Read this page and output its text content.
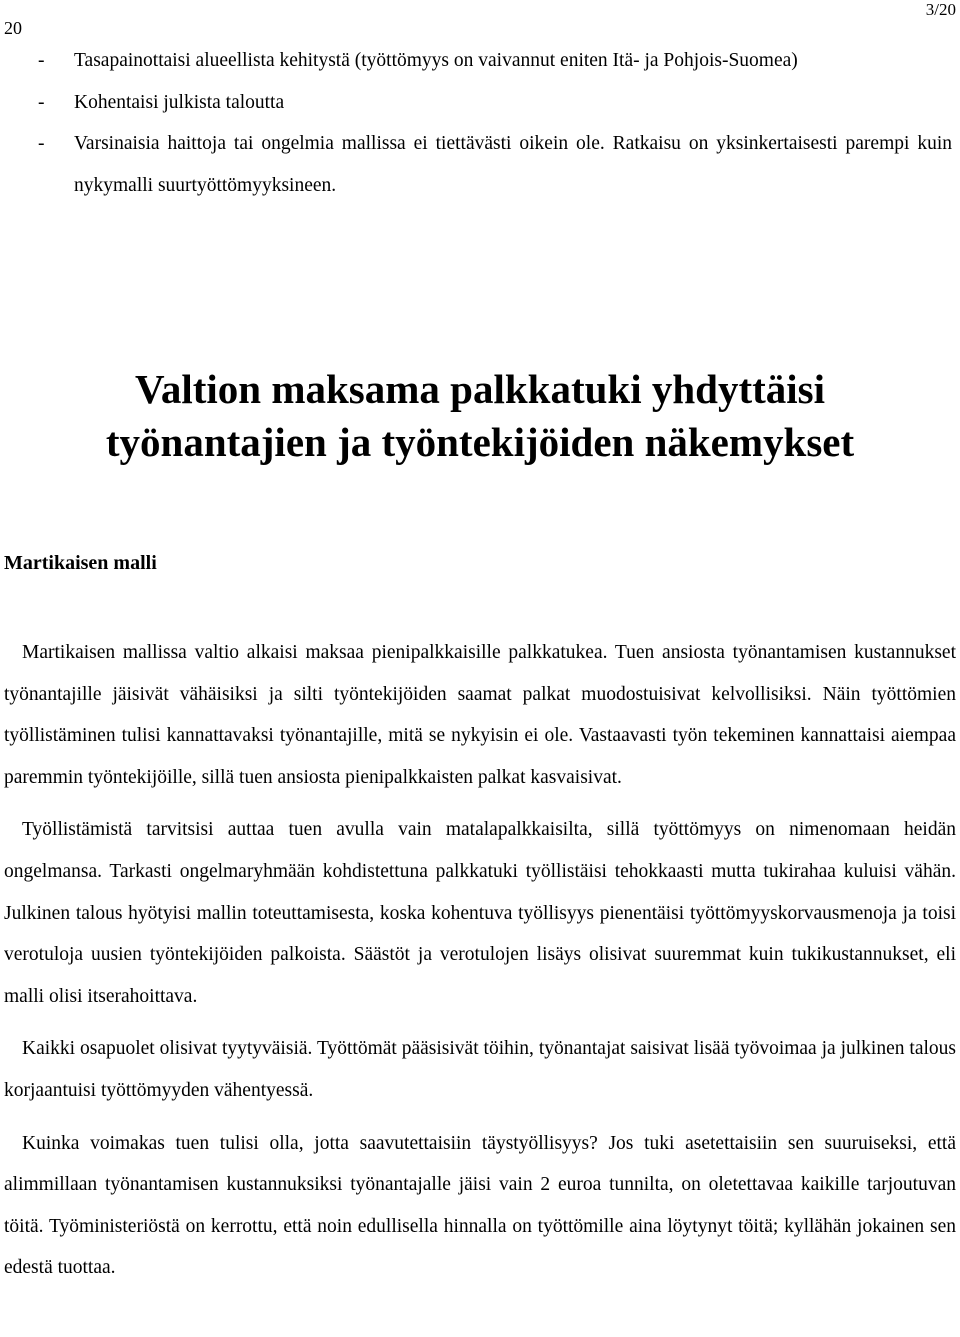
20
3/20
-	Tasapainottaisi alueellista kehitystä (työttömyys on vaivannut eniten Itä- ja Pohjois-Suomea)
-	Kohentaisi julkista taloutta
-	Varsinaisia haittoja tai ongelmia mallissa ei tiettävästi oikein ole. Ratkaisu on yksinkertaisesti parempi kuin nykymalli suurtyöttömyyksineen.
Valtion maksama palkkatuki yhdyttäisi
työnantajien ja työntekijöiden näkemykset
Martikaisen malli

Martikaisen mallissa valtio alkaisi maksaa pienipalkkaisille palkkatukea. Tuen ansiosta työnantamisen kustannukset työnantajille jäisivät vähäisiksi ja silti työntekijöiden saamat palkat muodostuisivat kelvollisiksi. Näin työttömien työllistäminen tulisi kannattavaksi työnantajille, mitä se nykyisin ei ole. Vastaavasti työn tekeminen kannattaisi aiempaa paremmin työntekijöille, sillä tuen ansiosta pienipalkkaisten palkat kasvaisivat.

Työllistämistä tarvitsisi auttaa tuen avulla vain matalapalkkaisilta, sillä työttömyys on nimenomaan heidän ongelmansa. Tarkasti ongelmaryhmään kohdistettuna palkkatuki työllistäisi tehokkaasti mutta tukirahaa kuluisi vähän. Julkinen talous hyötyisi mallin toteuttamisesta, koska kohentuva työllisyys pienentäisi työttömyyskorvausmenoja ja toisi verotuloja uusien työntekijöiden palkoista. Säästöt ja verotulojen lisäys olisivat suuremmat kuin tukikustannukset, eli malli olisi itserahoittava.

Kaikki osapuolet olisivat tyytyväisiä. Työttömät pääsisivät töihin, työnantajat saisivat lisää työvoimaa ja julkinen talous korjaantuisi työttömyyden vähentyessä.

Kuinka voimakas tuen tulisi olla, jotta saavutettaisiin täystyöllisyys? Jos tuki asetettaisiin sen suuruiseksi, että alimmillaan työnantamisen kustannuksiksi työnantajalle jäisi vain 2 euroa tunnilta, on oletettavaa kaikille tarjoutuvan töitä. Työministeriöstä on kerrottu, että noin edullisella hinnalla on työttömille aina löytynyt töitä; kyllähän jokainen sen edestä tuottaa.
